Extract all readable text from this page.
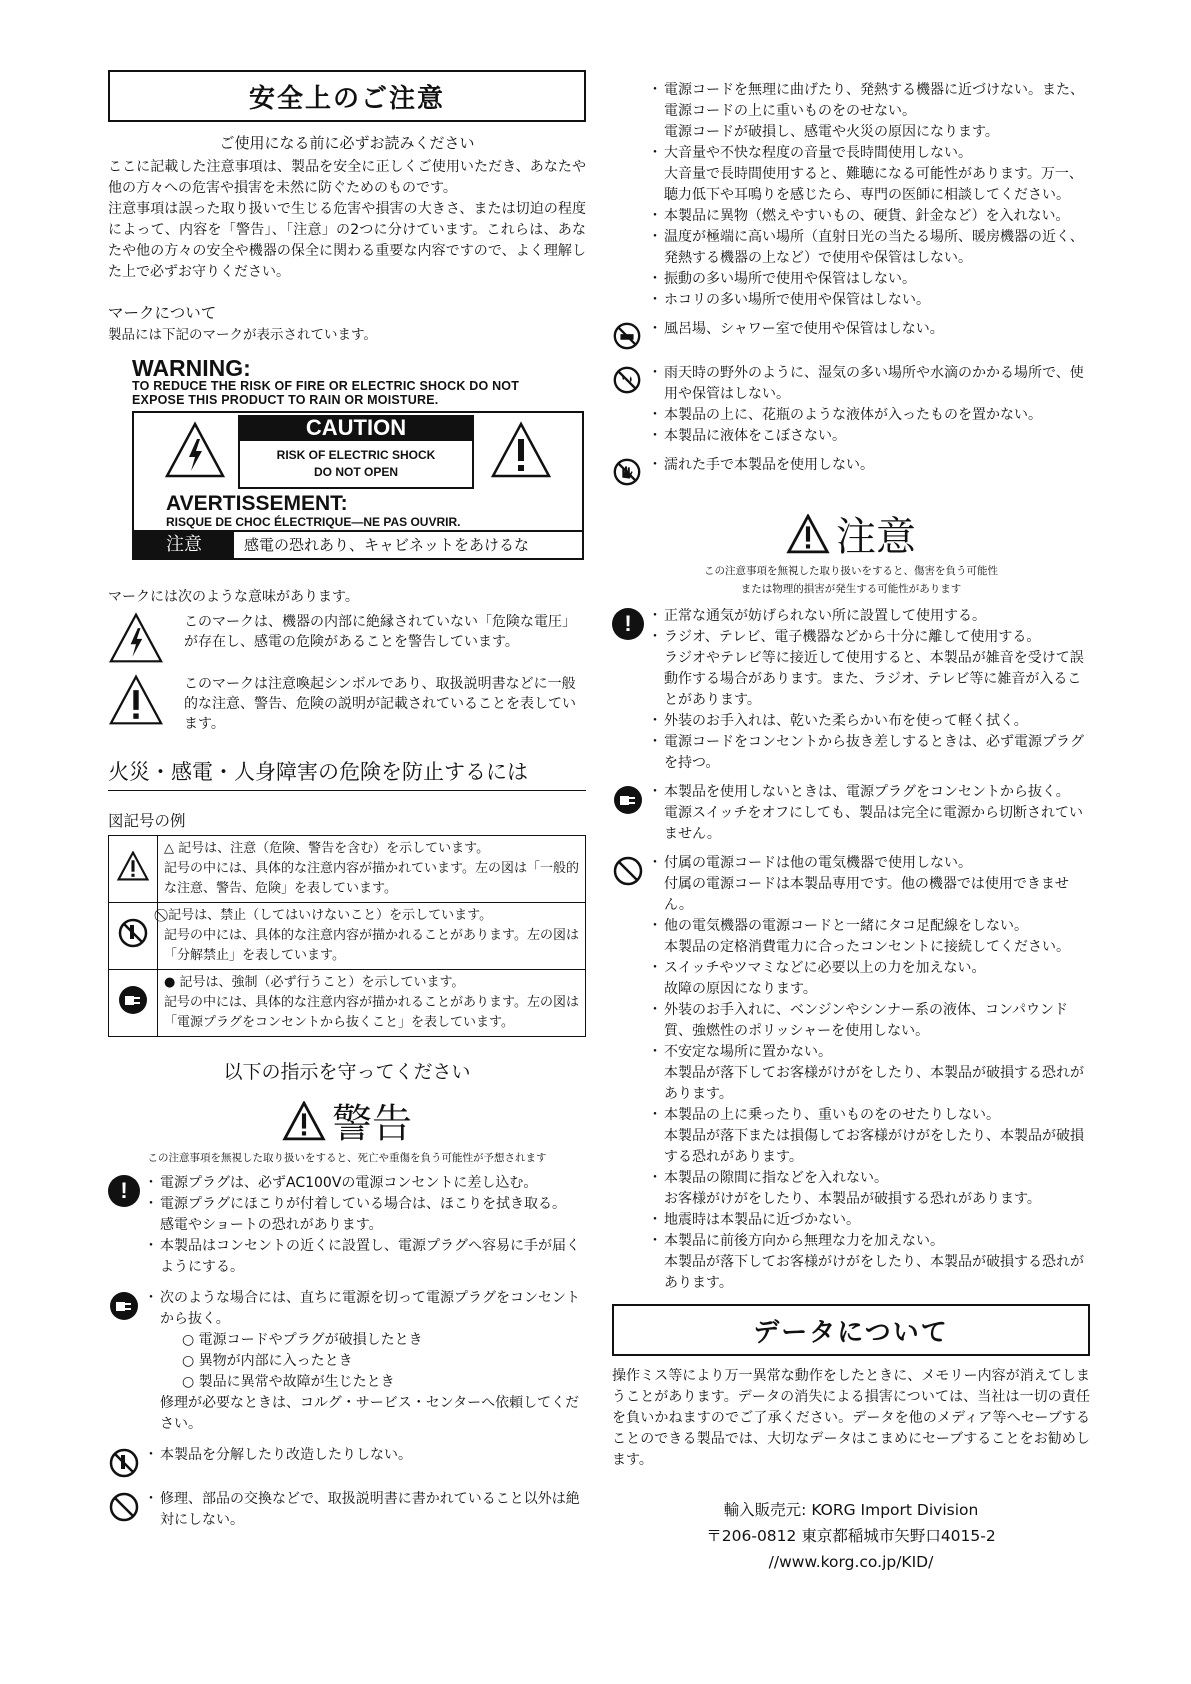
安全上のご注意

ご使用になる前に必ずお読みください

ここに記載した注意事項は、製品を安全に正しくご使用いただき、あなたや他の方々への危害や損害を未然に防ぐためのものです。

注意事項は誤った取り扱いで生じる危害や損害の大きさ、または切迫の程度によって、内容を「警告」、「注意」の2つに分けています。これらは、あなたや他の方々の安全や機器の保全に関わる重要な内容ですので、よく理解した上で必ずお守りください。

マークについて

製品には下記のマークが表示されています。

WARNING:
TO REDUCE THE RISK OF FIRE OR ELECTRIC SHOCK DO NOT
EXPOSE THIS PRODUCT TO RAIN OR MOISTURE.
CAUTION
RISK OF ELECTRIC SHOCK
DO NOT OPEN
AVERTISSEMENT:
RISQUE DE CHOC ÉLECTRIQUE—NE PAS OUVRIR.
注意	感電の恐れあり、キャビネットをあけるな

マークには次のような意味があります。

このマークは、機器の内部に絶縁されていない「危険な電圧」が存在し、感電の危険があることを警告しています。
このマークは注意喚起シンボルであり、取扱説明書などに一般的な注意、警告、危険の説明が記載されていることを表しています。

火災・感電・人身障害の危険を防止するには

図記号の例

△ 記号は、注意（危険、警告を含む）を示しています。
記号の中には、具体的な注意内容が描かれています。左の図は「一般的な注意、警告、危険」を表しています。

⃠ 記号は、禁止（してはいけないこと）を示しています。
記号の中には、具体的な注意内容が描かれることがあります。左の図は「分解禁止」を表しています。

● 記号は、強制（必ず行うこと）を示しています。
記号の中には、具体的な注意内容が描かれることがあります。左の図は「電源プラグをコンセントから抜くこと」を表しています。

以下の指示を守ってください

警告

この注意事項を無視した取り扱いをすると、死亡や重傷を負う可能性が予想されます

!	・ 電源プラグは、必ずAC100Vの電源コンセントに差し込む。
・ 電源プラグにほこりが付着している場合は、ほこりを拭き取る。
感電やショートの恐れがあります。
・ 本製品はコンセントの近くに設置し、電源プラグへ容易に手が届くようにする。
・ 次のような場合には、直ちに電源を切って電源プラグをコンセントから抜く。
○ 電源コードやプラグが破損したとき
○ 異物が内部に入ったとき
○ 製品に異常や故障が生じたとき
修理が必要なときは、コルグ・サービス・センターへ依頼してください。
・ 本製品を分解したり改造したりしない。
・ 修理、部品の交換などで、取扱説明書に書かれていること以外は絶対にしない。
・ 電源コードを無理に曲げたり、発熱する機器に近づけない。また、電源コードの上に重いものをのせない。
電源コードが破損し、感電や火災の原因になります。
・ 大音量や不快な程度の音量で長時間使用しない。
大音量で長時間使用すると、難聴になる可能性があります。万一、聴力低下や耳鳴りを感じたら、専門の医師に相談してください。
・ 本製品に異物（燃えやすいもの、硬貨、針金など）を入れない。
・ 温度が極端に高い場所（直射日光の当たる場所、暖房機器の近く、発熱する機器の上など）で使用や保管はしない。
・ 振動の多い場所で使用や保管はしない。
・ ホコリの多い場所で使用や保管はしない。
・ 風呂場、シャワー室で使用や保管はしない。
・ 雨天時の野外のように、湿気の多い場所や水滴のかかる場所で、使用や保管はしない。
・ 本製品の上に、花瓶のような液体が入ったものを置かない。
・ 本製品に液体をこぼさない。
・ 濡れた手で本製品を使用しない。
注意

この注意事項を無視した取り扱いをすると、傷害を負う可能性

または物理的損害が発生する可能性があります

!	・ 正常な通気が妨げられない所に設置して使用する。
・ ラジオ、テレビ、電子機器などから十分に離して使用する。
ラジオやテレビ等に接近して使用すると、本製品が雑音を受けて誤動作する場合があります。また、ラジオ、テレビ等に雑音が入ることがあります。
・ 外装のお手入れは、乾いた柔らかい布を使って軽く拭く。
・ 電源コードをコンセントから抜き差しするときは、必ず電源プラグを持つ。
・ 本製品を使用しないときは、電源プラグをコンセントから抜く。
電源スイッチをオフにしても、製品は完全に電源から切断されていません。
・ 付属の電源コードは他の電気機器で使用しない。
付属の電源コードは本製品専用です。他の機器では使用できません。
・ 他の電気機器の電源コードと一緒にタコ足配線をしない。
本製品の定格消費電力に合ったコンセントに接続してください。
・ スイッチやツマミなどに必要以上の力を加えない。
故障の原因になります。
・ 外装のお手入れに、ベンジンやシンナー系の液体、コンパウンド質、強燃性のポリッシャーを使用しない。
・ 不安定な場所に置かない。
本製品が落下してお客様がけがをしたり、本製品が破損する恐れがあります。
・ 本製品の上に乗ったり、重いものをのせたりしない。
本製品が落下または損傷してお客様がけがをしたり、本製品が破損する恐れがあります。
・ 本製品の隙間に指などを入れない。
お客様がけがをしたり、本製品が破損する恐れがあります。
・ 地震時は本製品に近づかない。
・ 本製品に前後方向から無理な力を加えない。
本製品が落下してお客様がけがをしたり、本製品が破損する恐れがあります。
データについて

操作ミス等により万一異常な動作をしたときに、メモリー内容が消えてしまうことがあります。データの消失による損害については、当社は一切の責任を負いかねますのでご了承ください。データを他のメディア等へセーブすることのできる製品では、大切なデータはこまめにセーブすることをお勧めします。

輸入販売元: KORG Import Division
〒206-0812 東京都稲城市矢野口4015-2
//www.korg.co.jp/KID/
